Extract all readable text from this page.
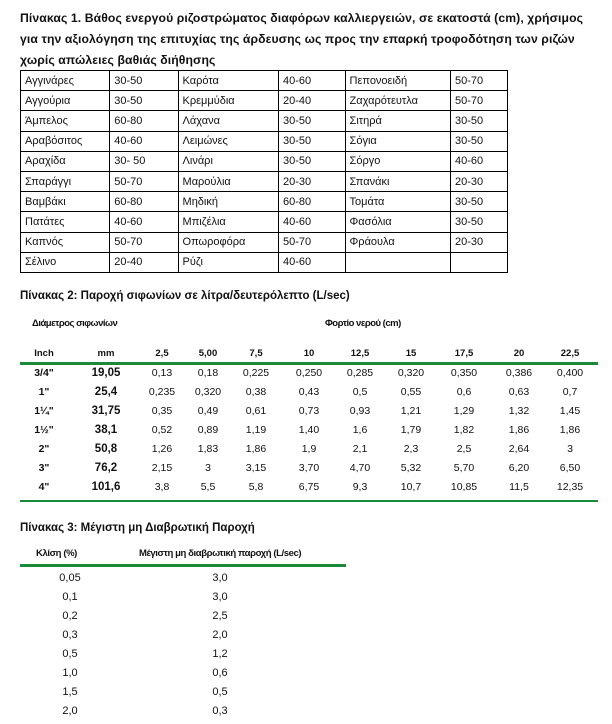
Πίνακας 1. Βάθος ενεργού ριζοστρώματος διαφόρων καλλιεργειών, σε εκατοστά (cm), χρήσιμος για την αξιολόγηση της επιτυχίας της άρδευσης ως προς την επαρκή τροφοδότηση των ριζών χωρίς απώλειες βαθιάς διήθησης
Αγγινάρες	30-50	Καρότα	40-60	Πεπονοειδή	50-70
Αγγούρια	30-50	Κρεμμύδια	20-40	Ζαχαρότευτλα	50-70
Άμπελος	60-80	Λάχανα	30-50	Σιτηρά	30-50
Αραβόσιτος	40-60	Λειμώνες	30-50	Σόγια	30-50
Αραχίδα	30- 50	Λινάρι	30-50	Σόργο	40-60
Σπαράγγι	50-70	Μαρούλια	20-30	Σπανάκι	20-30
Βαμβάκι	60-80	Μηδική	60-80	Τομάτα	30-50
Πατάτες	40-60	Μπιζέλια	40-60	Φασόλια	30-50
Καπνός	50-70	Οπωροφόρα	50-70	Φράουλα	20-30
Σέλινο	20-40	Ρύζι	40-60		
Πίνακας 2: Παροχή σιφωνίων σε λίτρα/δευτερόλεπτο (L/sec)
Διάμετρος σιφωνίων	Φορτίο νερού (cm)
Inch	mm	2,5	5,00	7,5	10	12,5	15	17,5	20	22,5
3/4"	19,05	0,13	0,18	0,225	0,250	0,285	0,320	0,350	0,386	0,400
1"	25,4	0,235	0,320	0,38	0,43	0,5	0,55	0,6	0,63	0,7
1¼"	31,75	0,35	0,49	0,61	0,73	0,93	1,21	1,29	1,32	1,45
1½"	38,1	0,52	0,89	1,19	1,40	1,6	1,79	1,82	1,86	1,86
2"	50,8	1,26	1,83	1,86	1,9	2,1	2,3	2,5	2,64	3
3"	76,2	2,15	3	3,15	3,70	4,70	5,32	5,70	6,20	6,50
4"	101,6	3,8	5,5	5,8	6,75	9,3	10,7	10,85	11,5	12,35
Πίνακας 3: Μέγιστη μη Διαβρωτική Παροχή
Κλίση (%)	Μέγιστη μη διαβρωτική παροχή (L/sec)
0,05	3,0
0,1	3,0
0,2	2,5
0,3	2,0
0,5	1,2
1,0	0,6
1,5	0,5
2,0	0,3
